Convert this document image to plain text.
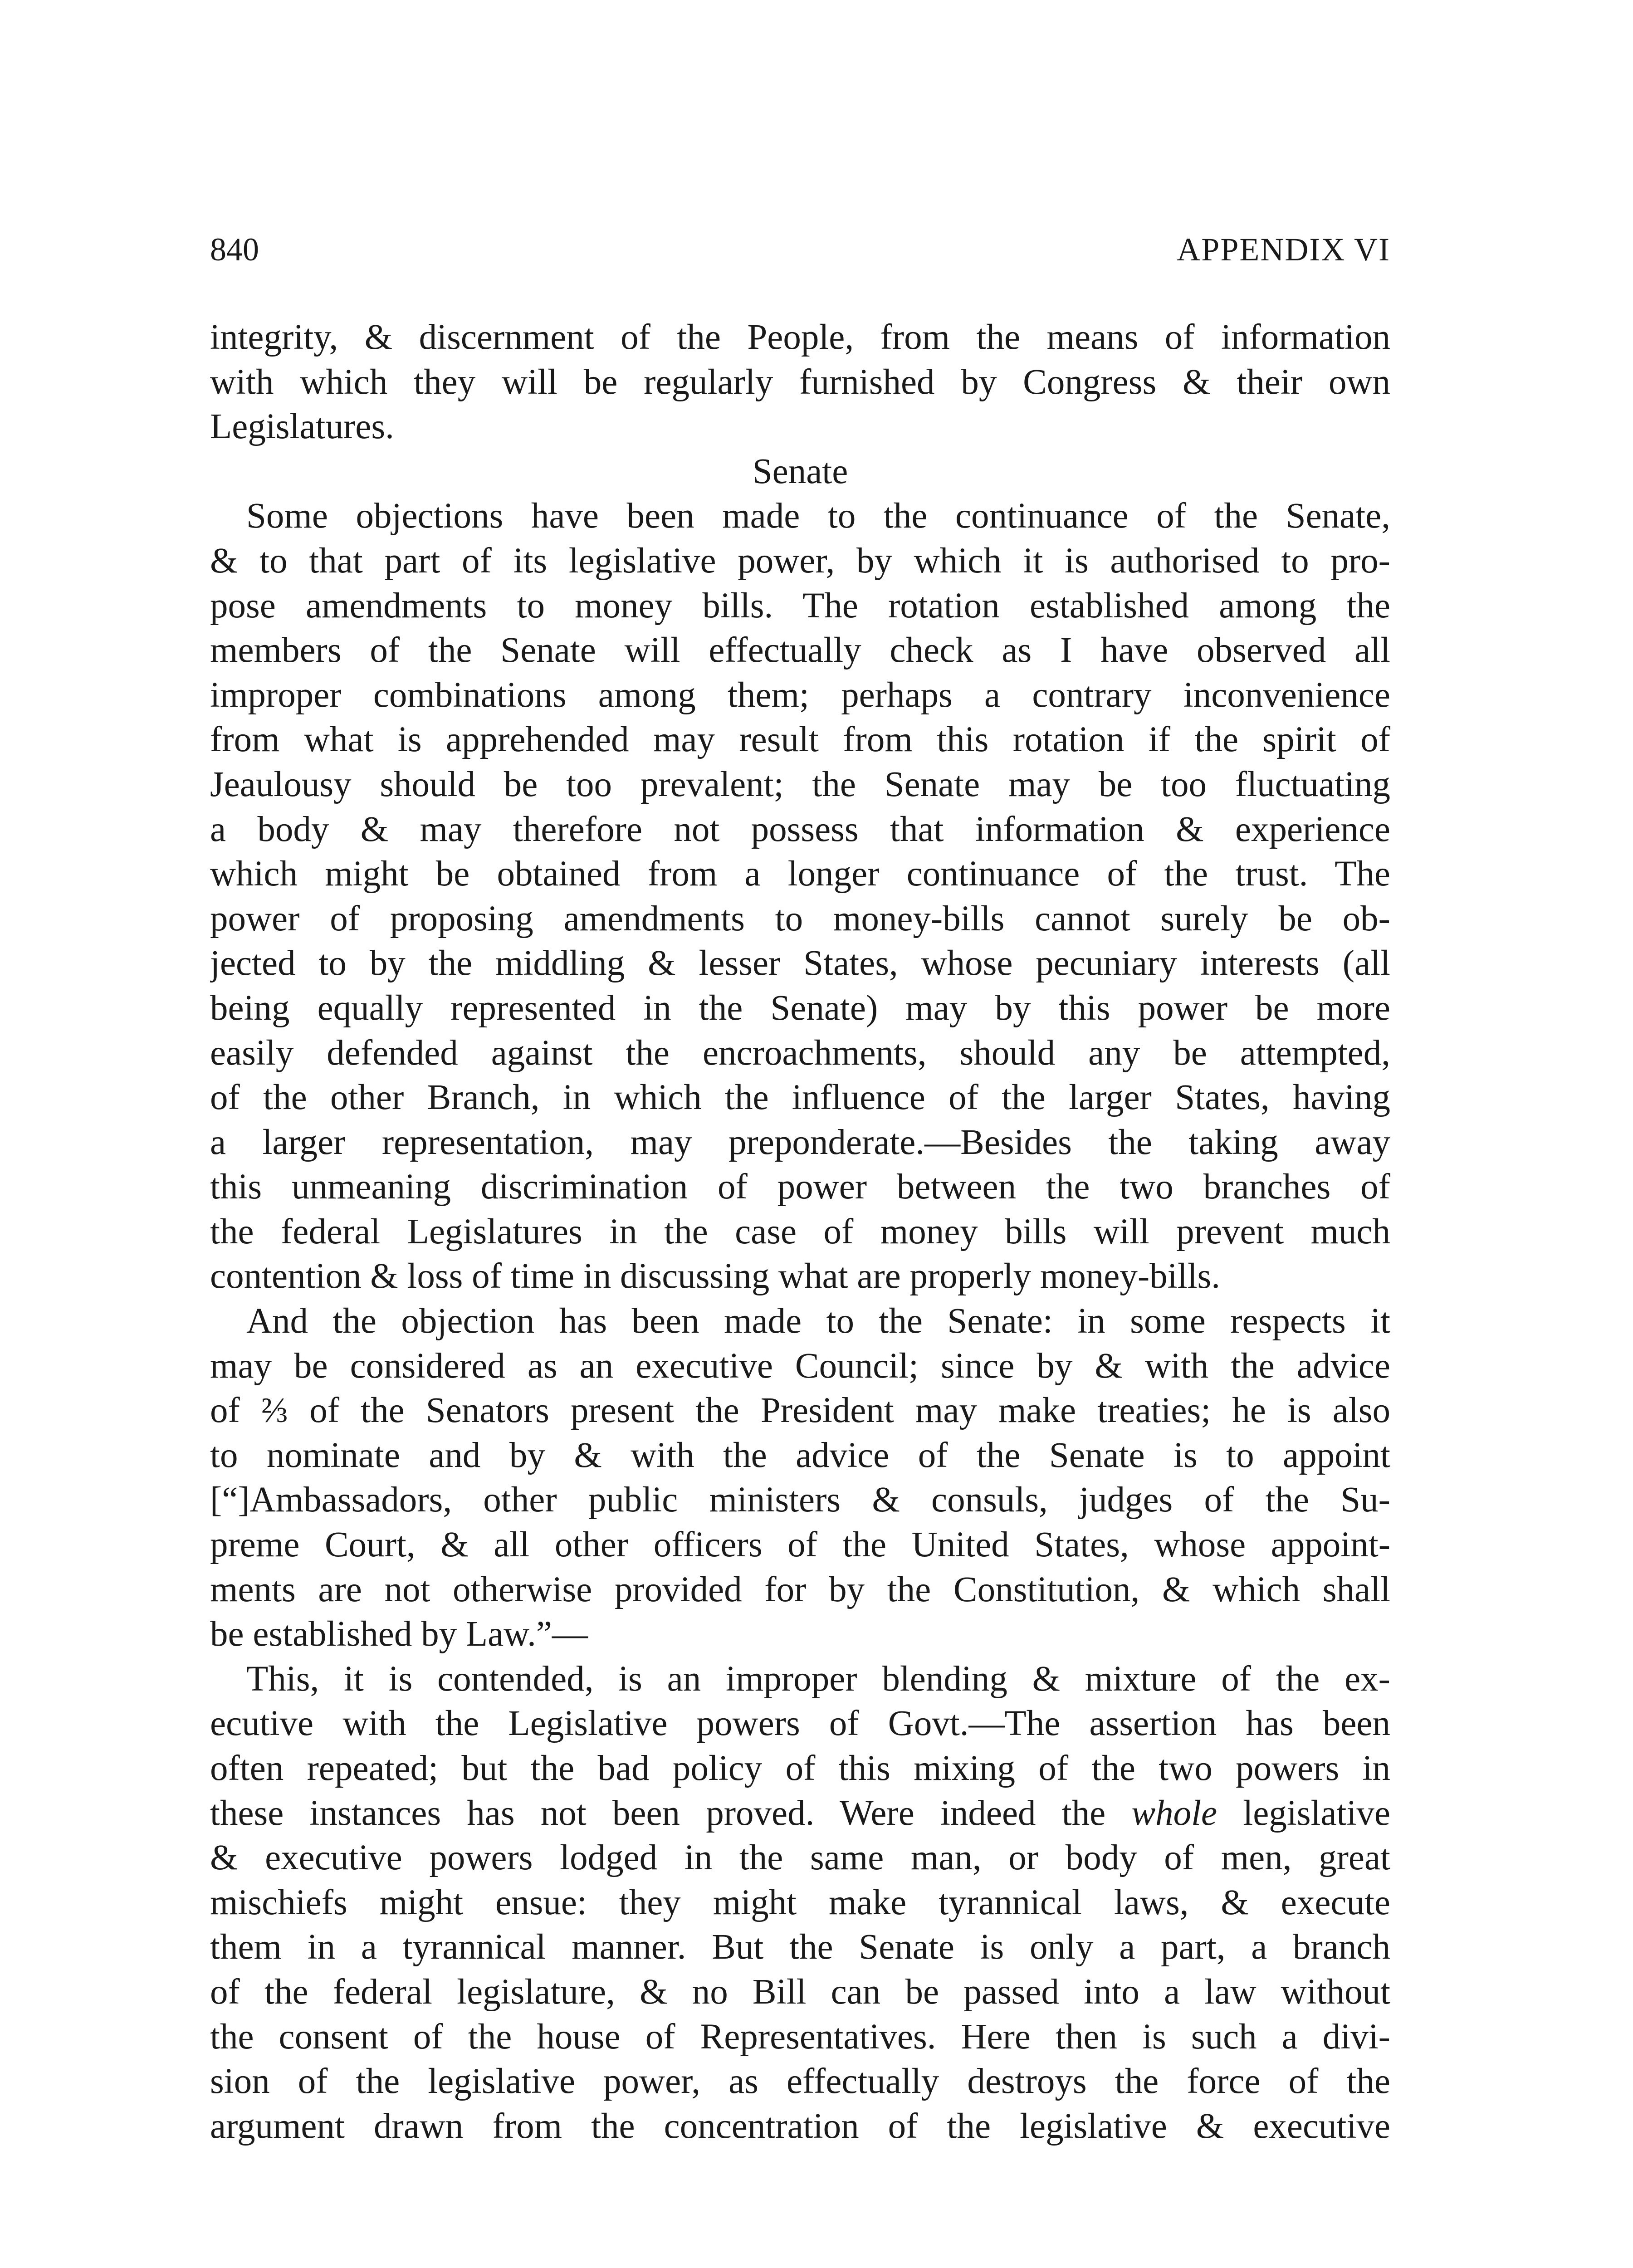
840	APPENDIX VI
integrity, & discernment of the People, from the means of information
with which they will be regularly furnished by Congress & their own
Legislatures.
Senate
Some objections have been made to the continuance of the Senate,
& to that part of its legislative power, by which it is authorised to pro-
pose amendments to money bills. The rotation established among the
members of the Senate will effectually check as I have observed all
improper combinations among them; perhaps a contrary inconvenience
from what is apprehended may result from this rotation if the spirit of
Jeaulousy should be too prevalent; the Senate may be too fluctuating
a body & may therefore not possess that information & experience
which might be obtained from a longer continuance of the trust. The
power of proposing amendments to money-bills cannot surely be ob-
jected to by the middling & lesser States, whose pecuniary interests (all
being equally represented in the Senate) may by this power be more
easily defended against the encroachments, should any be attempted,
of the other Branch, in which the influence of the larger States, having
a larger representation, may preponderate.—Besides the taking away
this unmeaning discrimination of power between the two branches of
the federal Legislatures in the case of money bills will prevent much
contention & loss of time in discussing what are properly money-bills.
And the objection has been made to the Senate: in some respects it
may be considered as an executive Council; since by & with the advice
of ⅔ of the Senators present the President may make treaties; he is also
to nominate and by & with the advice of the Senate is to appoint
[“]Ambassadors, other public ministers & consuls, judges of the Su-
preme Court, & all other officers of the United States, whose appoint-
ments are not otherwise provided for by the Constitution, & which shall
be established by Law.”—
This, it is contended, is an improper blending & mixture of the ex-
ecutive with the Legislative powers of Govt.—The assertion has been
often repeated; but the bad policy of this mixing of the two powers in
these instances has not been proved. Were indeed the whole legislative
& executive powers lodged in the same man, or body of men, great
mischiefs might ensue: they might make tyrannical laws, & execute
them in a tyrannical manner. But the Senate is only a part, a branch
of the federal legislature, & no Bill can be passed into a law without
the consent of the house of Representatives. Here then is such a divi-
sion of the legislative power, as effectually destroys the force of the
argument drawn from the concentration of the legislative & executive
